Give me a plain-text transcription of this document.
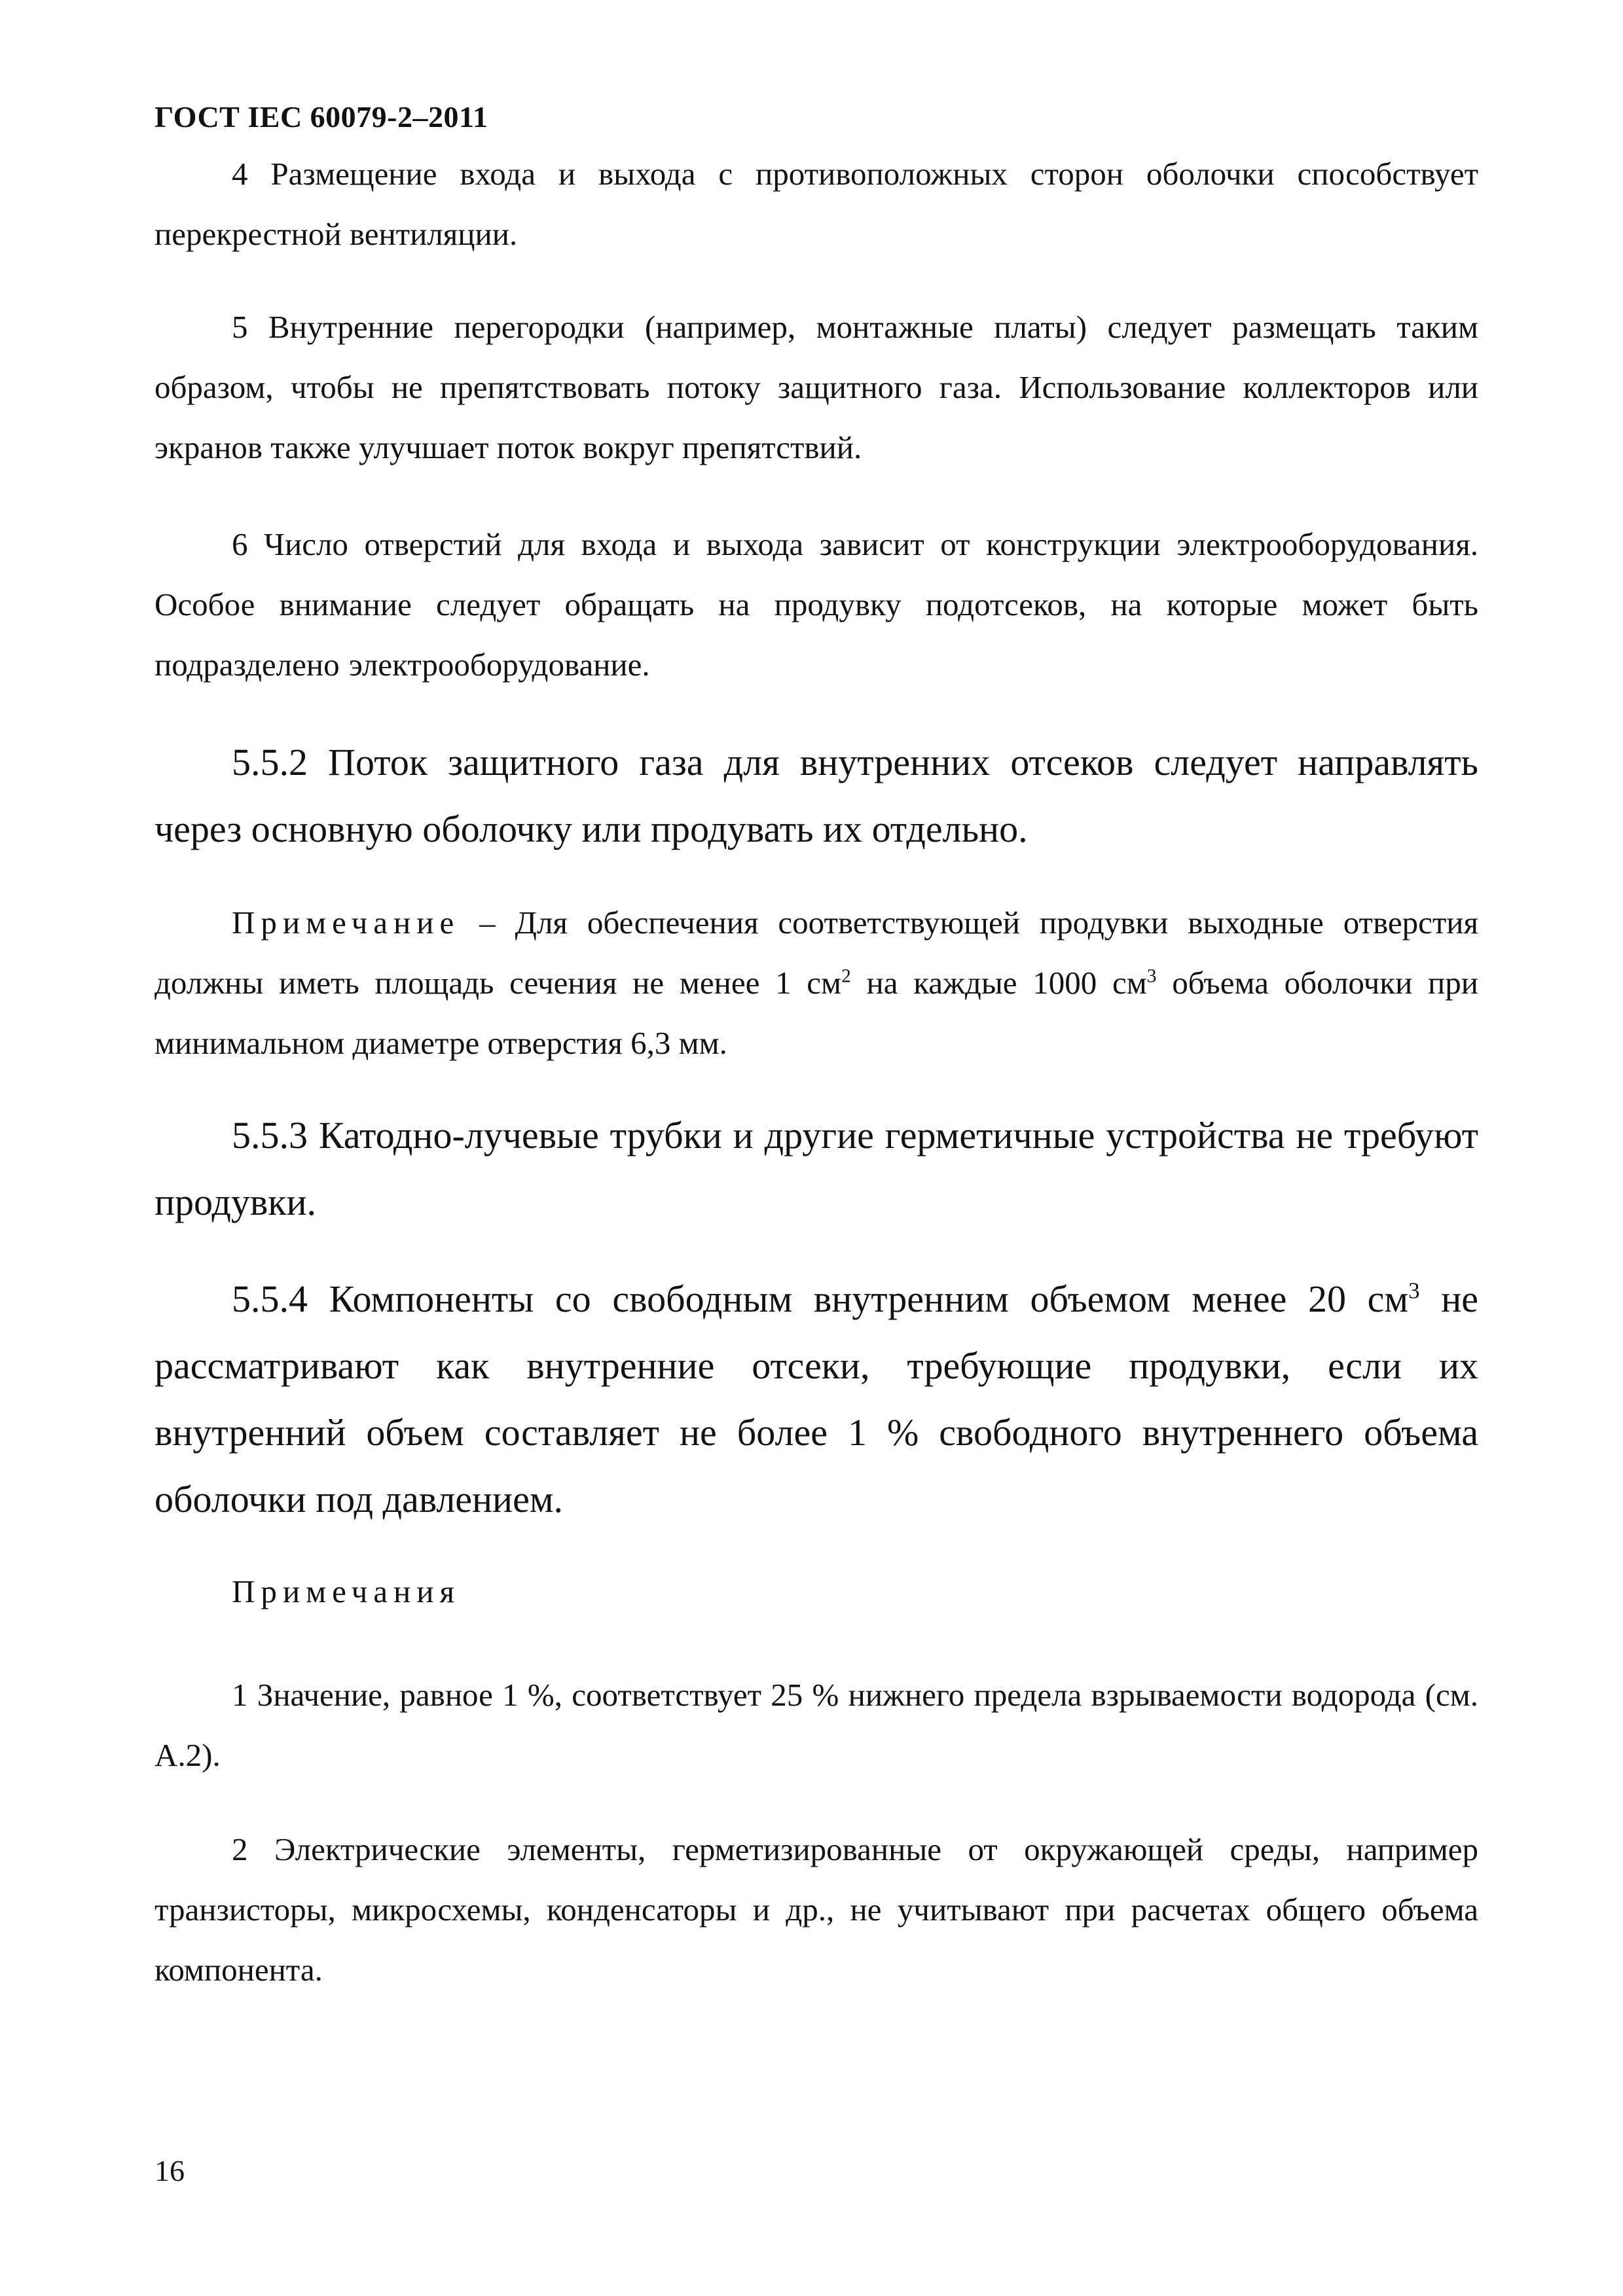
ГОСТ IEC 60079-2–2011

4 Размещение входа и выхода с противоположных сторон оболочки способствует перекрестной вентиляции.

5 Внутренние перегородки (например, монтажные платы) следует размещать таким образом, чтобы не препятствовать потоку защитного газа. Использование коллекторов или экранов также улучшает поток вокруг препятствий.

6 Число отверстий для входа и выхода зависит от конструкции электрооборудования. Особое внимание следует обращать на продувку подотсеков, на которые может быть подразделено электрооборудование.

5.5.2 Поток защитного газа для внутренних отсеков следует направлять через основную оболочку или продувать их отдельно.

Примечание – Для обеспечения соответствующей продувки выходные отверстия должны иметь площадь сечения не менее 1 $см^2$ на каждые 1000 $см^3$ объема оболочки при минимальном диаметре отверстия 6,3 мм.

5.5.3 Катодно-лучевые трубки и другие герметичные устройства не требуют продувки.

5.5.4 Компоненты со свободным внутренним объемом менее 20 $см^3$ не рассматривают как внутренние отсеки, требующие продувки, если их внутренний объем составляет не более 1 % свободного внутреннего объема оболочки под давлением.

Примечания

1 Значение, равное 1 %, соответствует 25 % нижнего предела взрываемости водорода (см. А.2).

2 Электрические элементы, герметизированные от окружающей среды, например транзисторы, микросхемы, конденсаторы и др., не учитывают при расчетах общего объема компонента.

16
